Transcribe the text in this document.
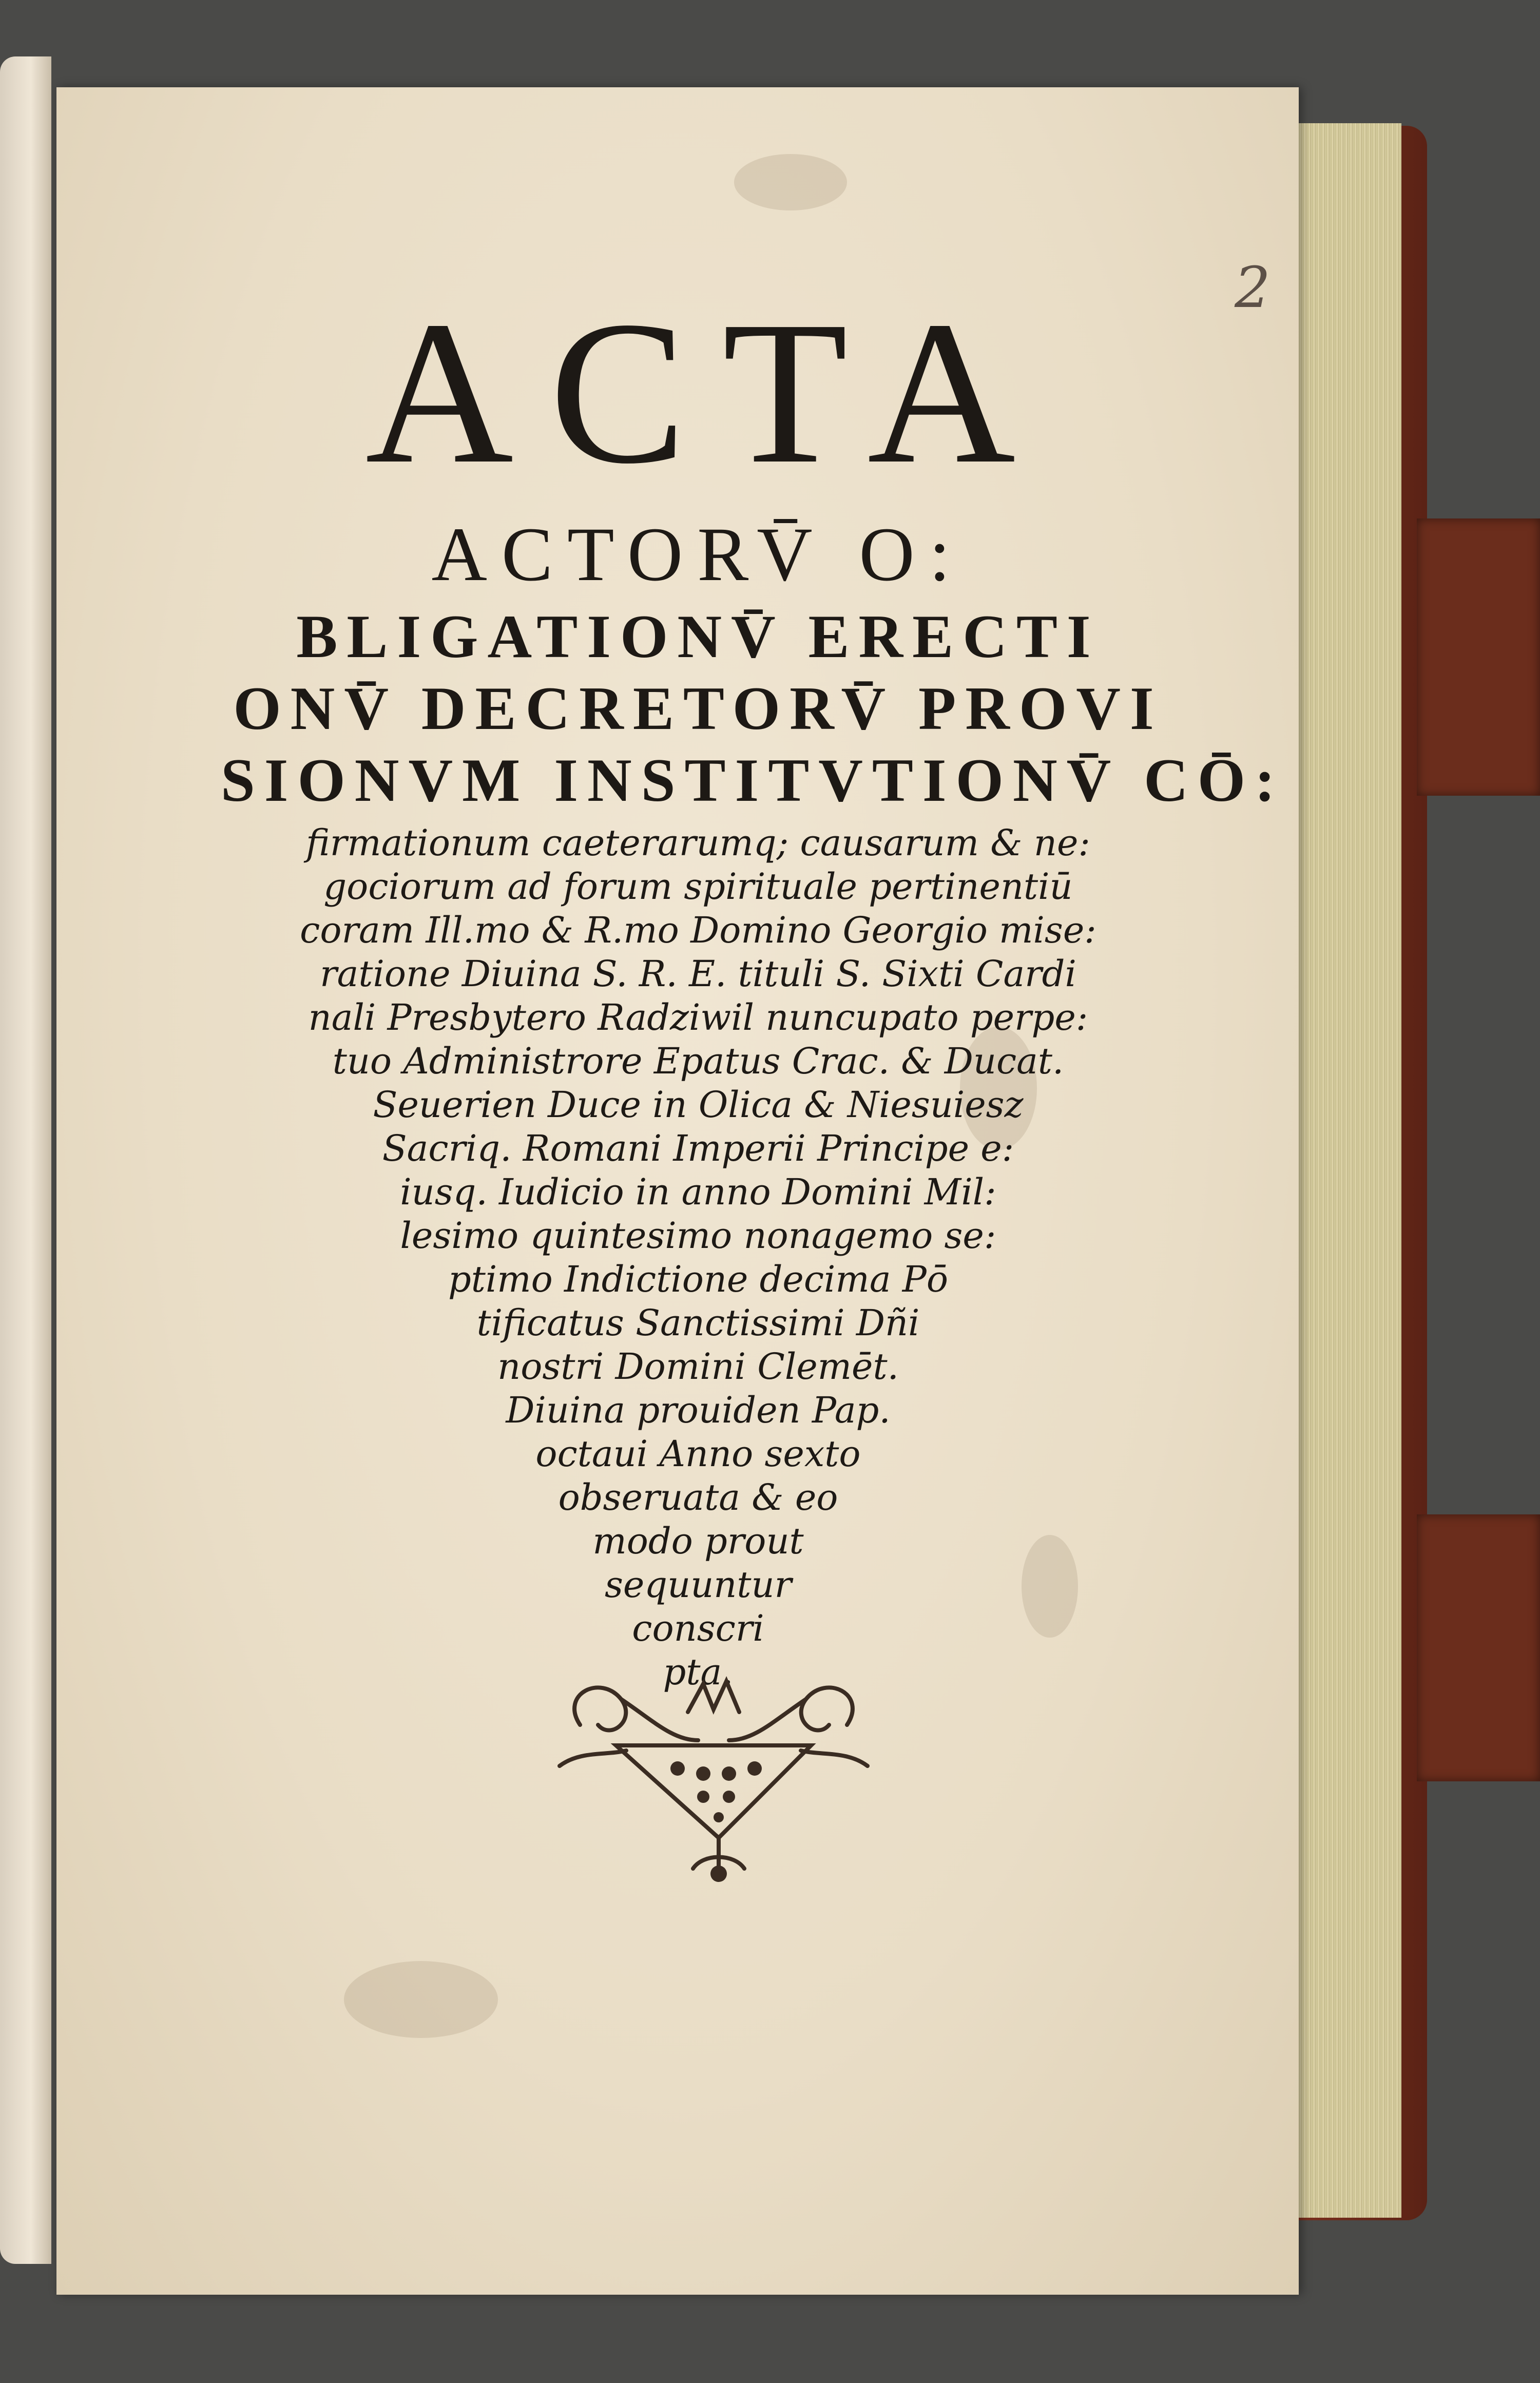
2
ACTA
ACTORV̄ O:
BLIGATIONV̄ ERECTI
ONV̄ DECRETORV̄ PROVI
SIONVM INSTITVTIONV̄ CŌ:
firmationum caeterarumq; causarum & ne:
gociorum ad forum spirituale pertinentiū
coram Ill.mo & R.mo Domino Georgio mise:
ratione Diuina S. R. E. tituli S. Sixti Cardi
nali Presbytero Radziwil nuncupato perpe:
tuo Administrore Epatus Crac. & Ducat.
Seuerien Duce in Olica & Niesuiesz
Sacriq. Romani Imperii Principe e:
iusq. Iudicio in anno Domini Mil:
lesimo quintesimo nonagemo se:
ptimo Indictione decima Pō
tificatus Sanctissimi Dñi
nostri Domini Clemēt.
Diuina prouiden Pap.
octaui Anno sexto
obseruata & eo
modo prout
sequuntur
conscri
pta.
